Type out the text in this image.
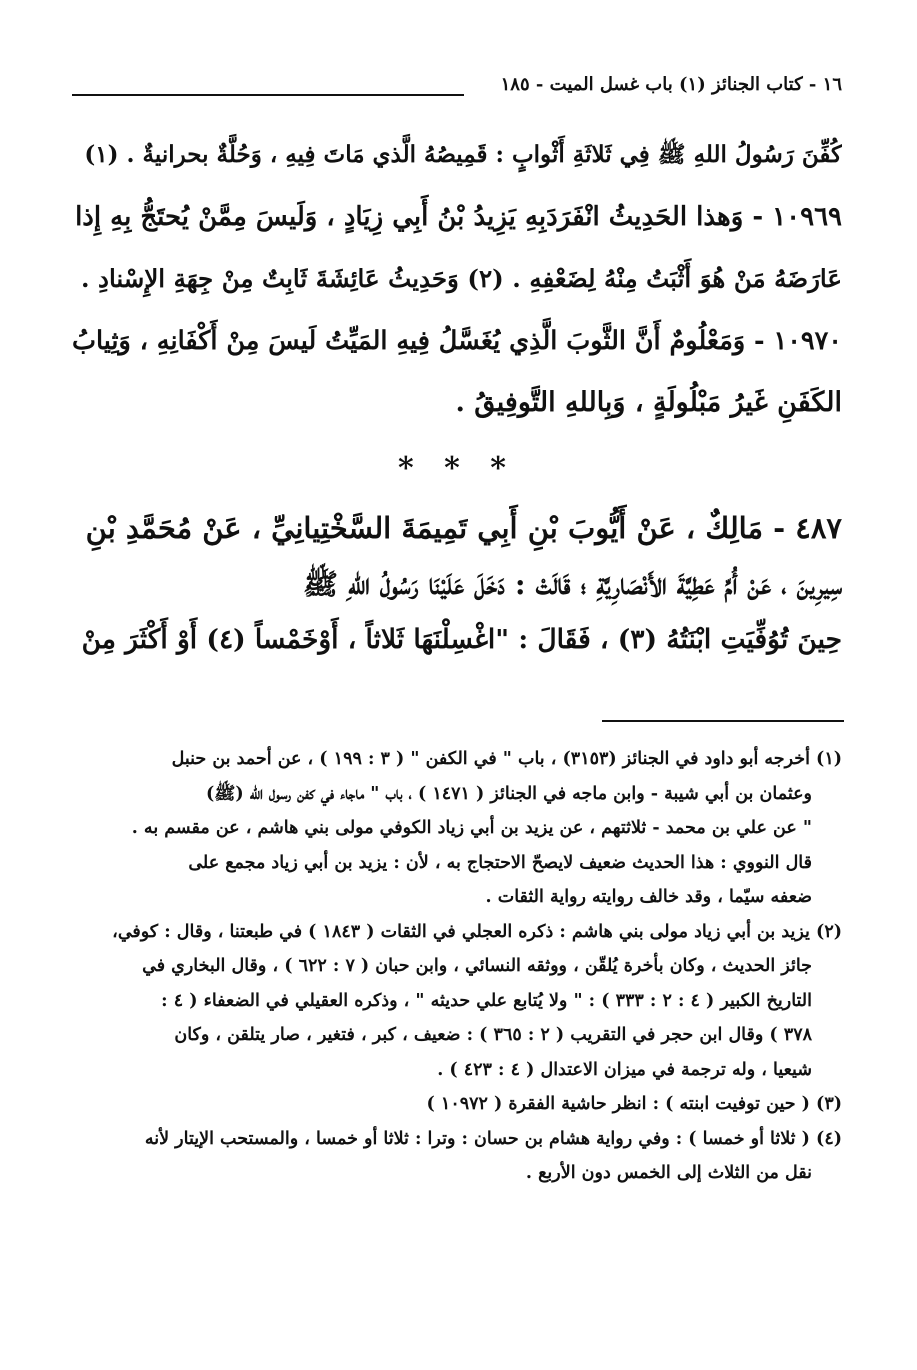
١٦ - كتاب الجنائز (١) باب غسل الميت - ١٨٥
كُفِّنَ رَسُولُ اللهِ ﷺ فِي ثَلاثَةِ أَثْوابٍ : قَمِيصُهُ الَّذي مَاتَ فِيهِ ، وَحُلَّةٌ بحرانيةٌ . (١)
١٠٩٦٩ - وَهذا الحَدِيثُ انْفَرَدَبِهِ يَزِيدُ بْنُ أَبِي زِيَادٍ ، وَلَيسَ مِمَّنْ يُحتَجُّ بِهِ إِذا
عَارَضَهُ مَنْ هُوَ أَثْبَتُ مِنْهُ لِضَعْفِهِ . (٢) وَحَدِيثُ عَائِشَةَ ثَابِتٌ مِنْ جِهَةِ الإِسْنادِ .
١٠٩٧٠ - وَمَعْلُومٌ أَنَّ الثَّوبَ الَّذِي يُغَسَّلُ فِيهِ المَيِّتُ لَيسَ مِنْ أَكْفَانِهِ ، وَثِيابُ
الكَفَنِ غَيرُ مَبْلُولَةٍ ، وَبِاللهِ التَّوفِيقُ .
* * *
٤٨٧ - مَالِكٌ ، عَنْ أَيُّوبَ بْنِ أَبِي تَمِيمَةَ السَّخْتِيانِيِّ ، عَنْ مُحَمَّدِ بْنِ
سِيرِينَ ، عَنْ أُمِّ عَطِيَّةَ الأَنْصَارِيَّةِ ؛ قَالَتْ : دَخَلَ عَلَيْنَا رَسُولُ اللهِ ﷺ
حِينَ تُوُفِّيَتِ ابْنَتُهُ (٣) ، فَقَالَ : "اغْسِلْنَهَا ثَلاثاً ، أَوْخَمْساً (٤) أَوْ أَكْثَرَ مِنْ
(١) أخرجه أبو داود في الجنائز (٣١٥٣) ، باب " في الكفن " ( ٣ : ١٩٩ ) ، عن أحمد بن حنبل
وعثمان بن أبي شيبة - وابن ماجه في الجنائز ( ١٤٧١ ) ، باب " ماجاء في كفن رسول الله (ﷺ)
" عن علي بن محمد - ثلاثتهم ، عن يزيد بن أبي زياد الكوفي مولى بني هاشم ، عن مقسم به .
قال النووي : هذا الحديث ضعيف لايصحّ الاحتجاج به ، لأن : يزيد بن أبي زياد مجمع على
ضعفه سيّما ، وقد خالف روايته رواية الثقات .
(٢) يزيد بن أبي زياد مولى بني هاشم : ذكره العجلي في الثقات ( ١٨٤٣ ) في طبعتنا ، وقال : كوفي،
جائز الحديث ، وكان بأخرة يُلقّن ، ووثقه النسائي ، وابن حبان ( ٧ : ٦٢٢ ) ، وقال البخاري في
التاريخ الكبير ( ٤ : ٢ : ٣٣٣ ) : " ولا يُتابع علي حديثه " ، وذكره العقيلي في الضعفاء ( ٤ :
٣٧٨ ) وقال ابن حجر في التقريب ( ٢ : ٣٦٥ ) : ضعيف ، كبر ، فتغير ، صار يتلقن ، وكان
شيعيا ، وله ترجمة في ميزان الاعتدال ( ٤ : ٤٢٣ ) .
(٣) ( حين توفيت ابنته ) : انظر حاشية الفقرة ( ١٠٩٧٢ )
(٤) ( ثلاثا أو خمسا ) : وفي رواية هشام بن حسان : وترا : ثلاثا أو خمسا ، والمستحب الإيتار لأنه
نقل من الثلاث إلى الخمس دون الأربع .
